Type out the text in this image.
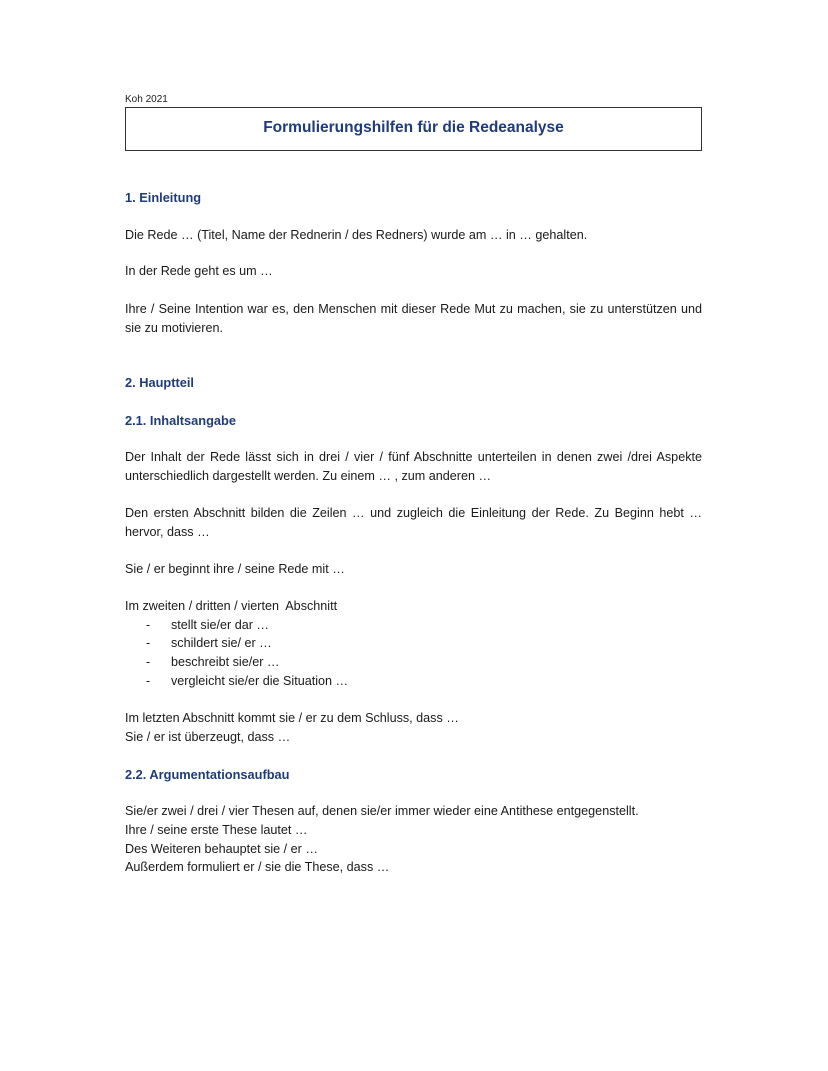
Koh 2021
Formulierungshilfen für die Redeanalyse
1. Einleitung
Die Rede … (Titel, Name der Rednerin / des Redners) wurde am … in … gehalten.
In der Rede geht es um …
Ihre / Seine Intention war es, den Menschen mit dieser Rede Mut zu machen, sie zu unterstützen und sie zu motivieren.
2. Hauptteil
2.1. Inhaltsangabe
Der Inhalt der Rede lässt sich in drei / vier / fünf Abschnitte unterteilen in denen zwei /drei Aspekte unterschiedlich dargestellt werden. Zu einem … , zum anderen …
Den ersten Abschnitt bilden die Zeilen … und zugleich die Einleitung der Rede. Zu Beginn hebt … hervor, dass …
Sie / er beginnt ihre / seine Rede mit …
Im zweiten / dritten / vierten  Abschnitt
- stellt sie/er dar …
- schildert sie/ er …
- beschreibt sie/er …
- vergleicht sie/er die Situation …
Im letzten Abschnitt kommt sie / er zu dem Schluss, dass …
Sie / er ist überzeugt, dass …
2.2. Argumentationsaufbau
Sie/er zwei / drei / vier Thesen auf, denen sie/er immer wieder eine Antithese entgegenstellt.
Ihre / seine erste These lautet …
Des Weiteren behauptet sie / er …
Außerdem formuliert er / sie die These, dass …
